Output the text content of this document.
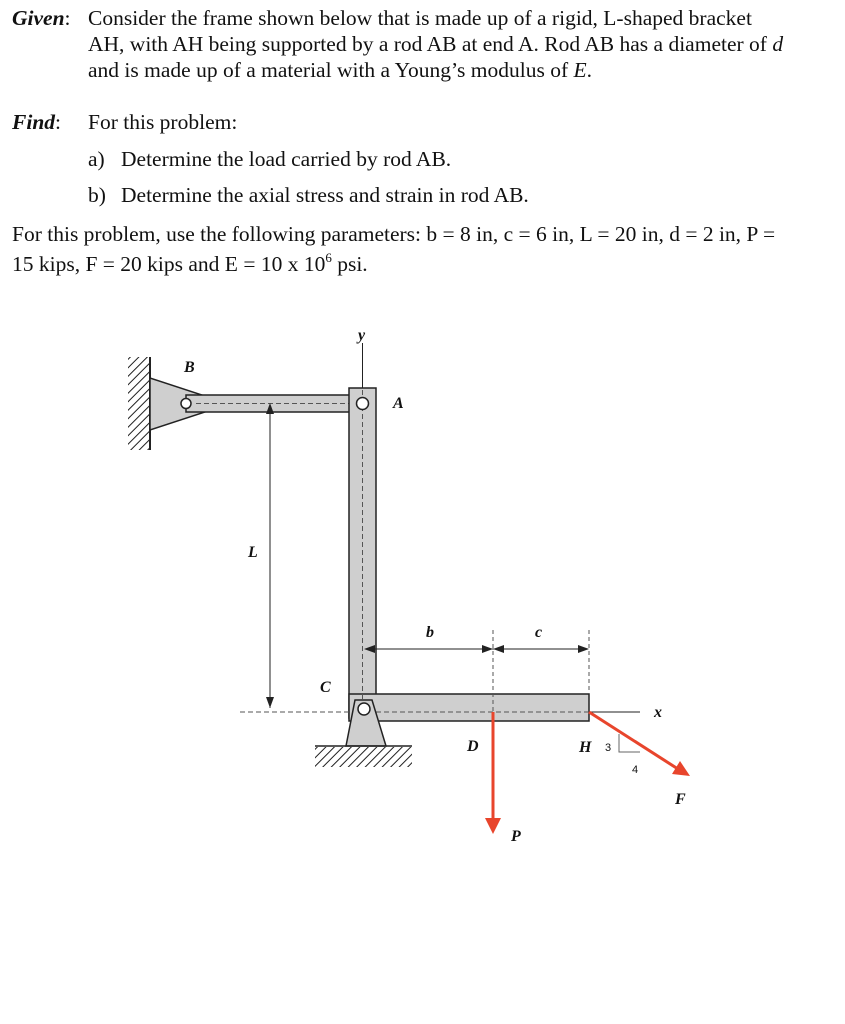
Given: Consider the frame shown below that is made up of a rigid, L-shaped bracket
AH, with AH being supported by a rod AB at end A. Rod AB has a diameter of d
and is made up of a material with a Young’s modulus of E.
Find: For this problem:
a) Determine the load carried by rod AB.
b) Determine the axial stress and strain in rod AB.
For this problem, use the following parameters: b = 8 in, c = 6 in, L = 20 in, d = 2 in, P =
15 kips, F = 20 kips and E = 10 x $10^6$ psi.
y
B
A
L
b	c
C
x
D	H 3
4
P
F
